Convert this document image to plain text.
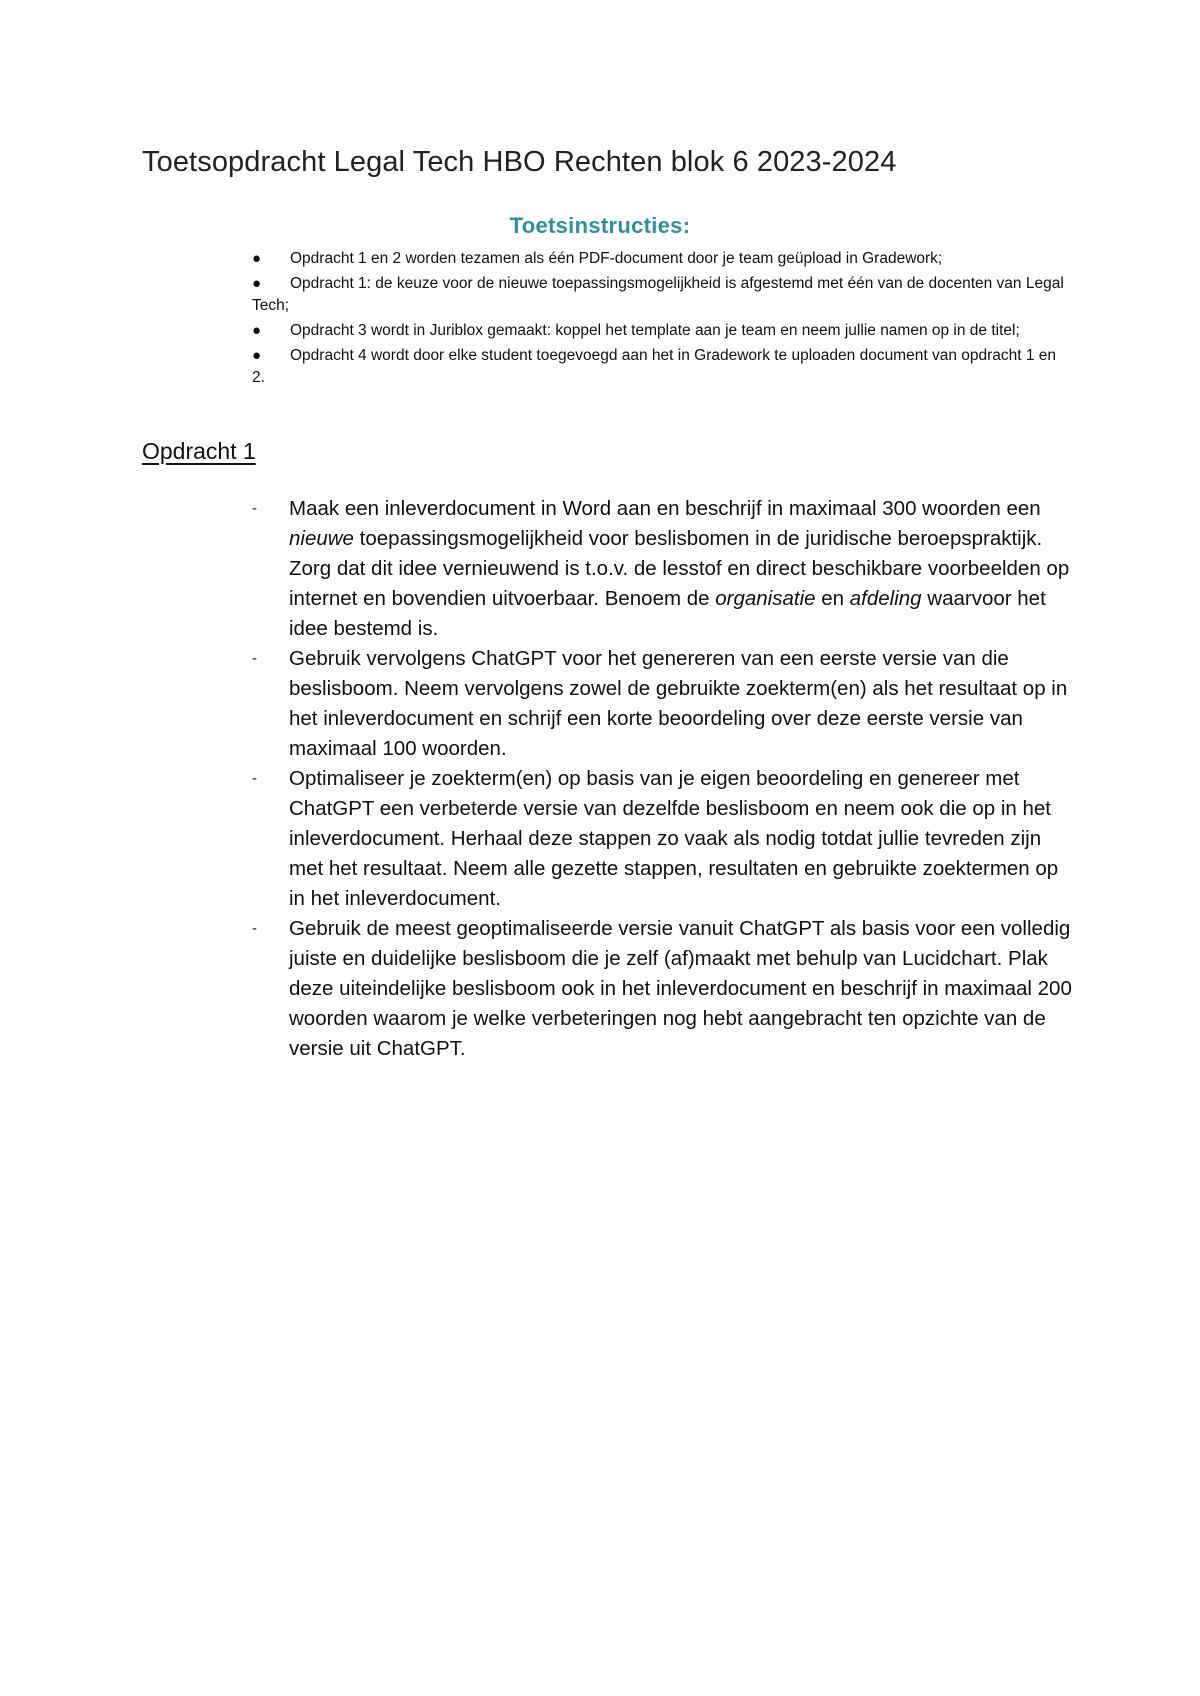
Toetsopdracht Legal Tech HBO Rechten blok 6 2023-2024
Toetsinstructies:
● Opdracht 1 en 2 worden tezamen als één PDF-document door je team geüpload in Gradework;
● Opdracht 1: de keuze voor de nieuwe toepassingsmogelijkheid is afgestemd met één van de docenten van Legal Tech;
● Opdracht 3 wordt in Juriblox gemaakt: koppel het template aan je team en neem jullie namen op in de titel;
● Opdracht 4 wordt door elke student toegevoegd aan het in Gradework te uploaden document van opdracht 1 en 2.
Opdracht 1
- Maak een inleverdocument in Word aan en beschrijf in maximaal 300 woorden een nieuwe toepassingsmogelijkheid voor beslisbomen in de juridische beroepspraktijk. Zorg dat dit idee vernieuwend is t.o.v. de lesstof en direct beschikbare voorbeelden op internet en bovendien uitvoerbaar. Benoem de organisatie en afdeling waarvoor het idee bestemd is.
- Gebruik vervolgens ChatGPT voor het genereren van een eerste versie van die beslisboom. Neem vervolgens zowel de gebruikte zoekterm(en) als het resultaat op in het inleverdocument en schrijf een korte beoordeling over deze eerste versie van maximaal 100 woorden.
- Optimaliseer je zoekterm(en) op basis van je eigen beoordeling en genereer met ChatGPT een verbeterde versie van dezelfde beslisboom en neem ook die op in het inleverdocument. Herhaal deze stappen zo vaak als nodig totdat jullie tevreden zijn met het resultaat. Neem alle gezette stappen, resultaten en gebruikte zoektermen op in het inleverdocument.
- Gebruik de meest geoptimaliseerde versie vanuit ChatGPT als basis voor een volledig juiste en duidelijke beslisboom die je zelf (af)maakt met behulp van Lucidchart. Plak deze uiteindelijke beslisboom ook in het inleverdocument en beschrijf in maximaal 200 woorden waarom je welke verbeteringen nog hebt aangebracht ten opzichte van de versie uit ChatGPT.
